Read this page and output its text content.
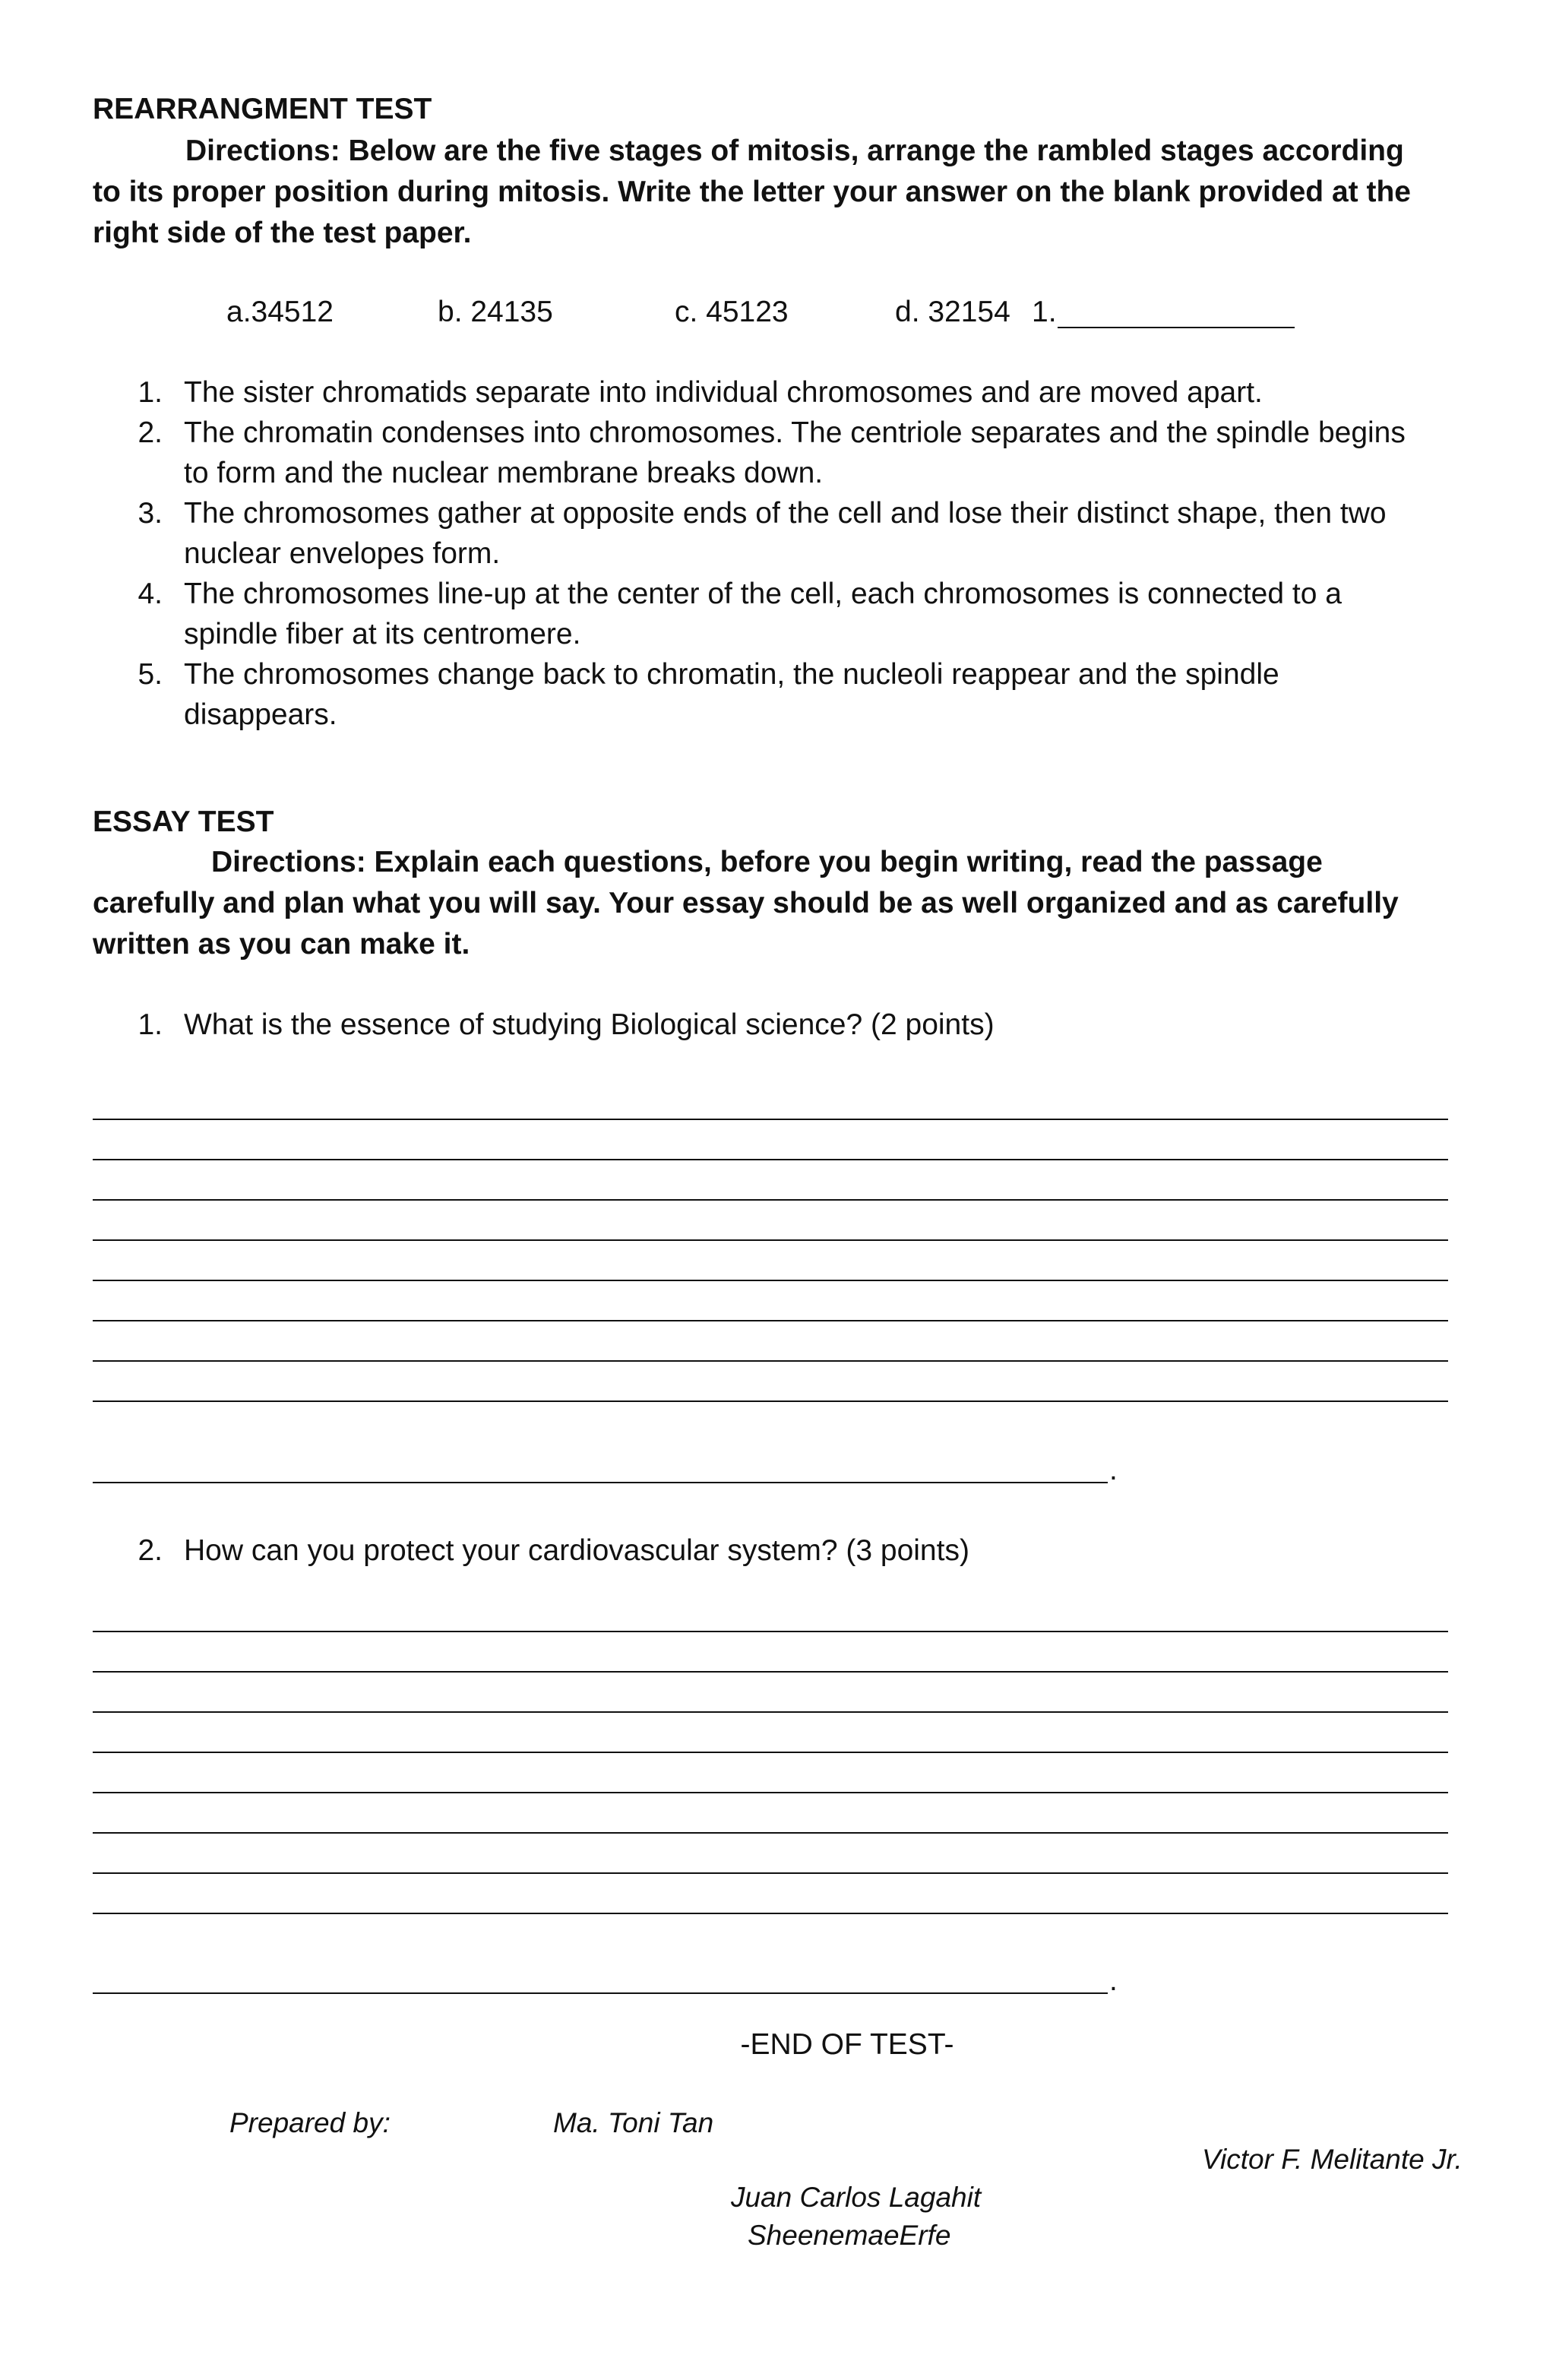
REARRANGMENT TEST
Directions: Below are the five stages of mitosis, arrange the rambled stages according
to its proper position during mitosis. Write the letter your answer on the blank provided at the
right side of the test paper.
a.34512	b. 24135	c. 45123	d. 32154 1.
1. The sister chromatids separate into individual chromosomes and are moved apart.
2. The chromatin condenses into chromosomes. The centriole separates and the spindle begins
to form and the nuclear membrane breaks down.
3. The chromosomes gather at opposite ends of the cell and lose their distinct shape, then two
nuclear envelopes form.
4. The chromosomes line-up at the center of the cell, each chromosomes is connected to a
spindle fiber at its centromere.
5. The chromosomes change back to chromatin, the nucleoli reappear and the spindle
disappears.
ESSAY TEST
Directions: Explain each questions, before you begin writing, read the passage
carefully and plan what you will say. Your essay should be as well organized and as carefully
written as you can make it.
1. What is the essence of studying Biological science? (2 points)
.
2. How can you protect your cardiovascular system? (3 points)
.
-END OF TEST-
Prepared by:	Ma. Toni Tan
Victor F. Melitante Jr.
Juan Carlos Lagahit
SheenemaeErfe
